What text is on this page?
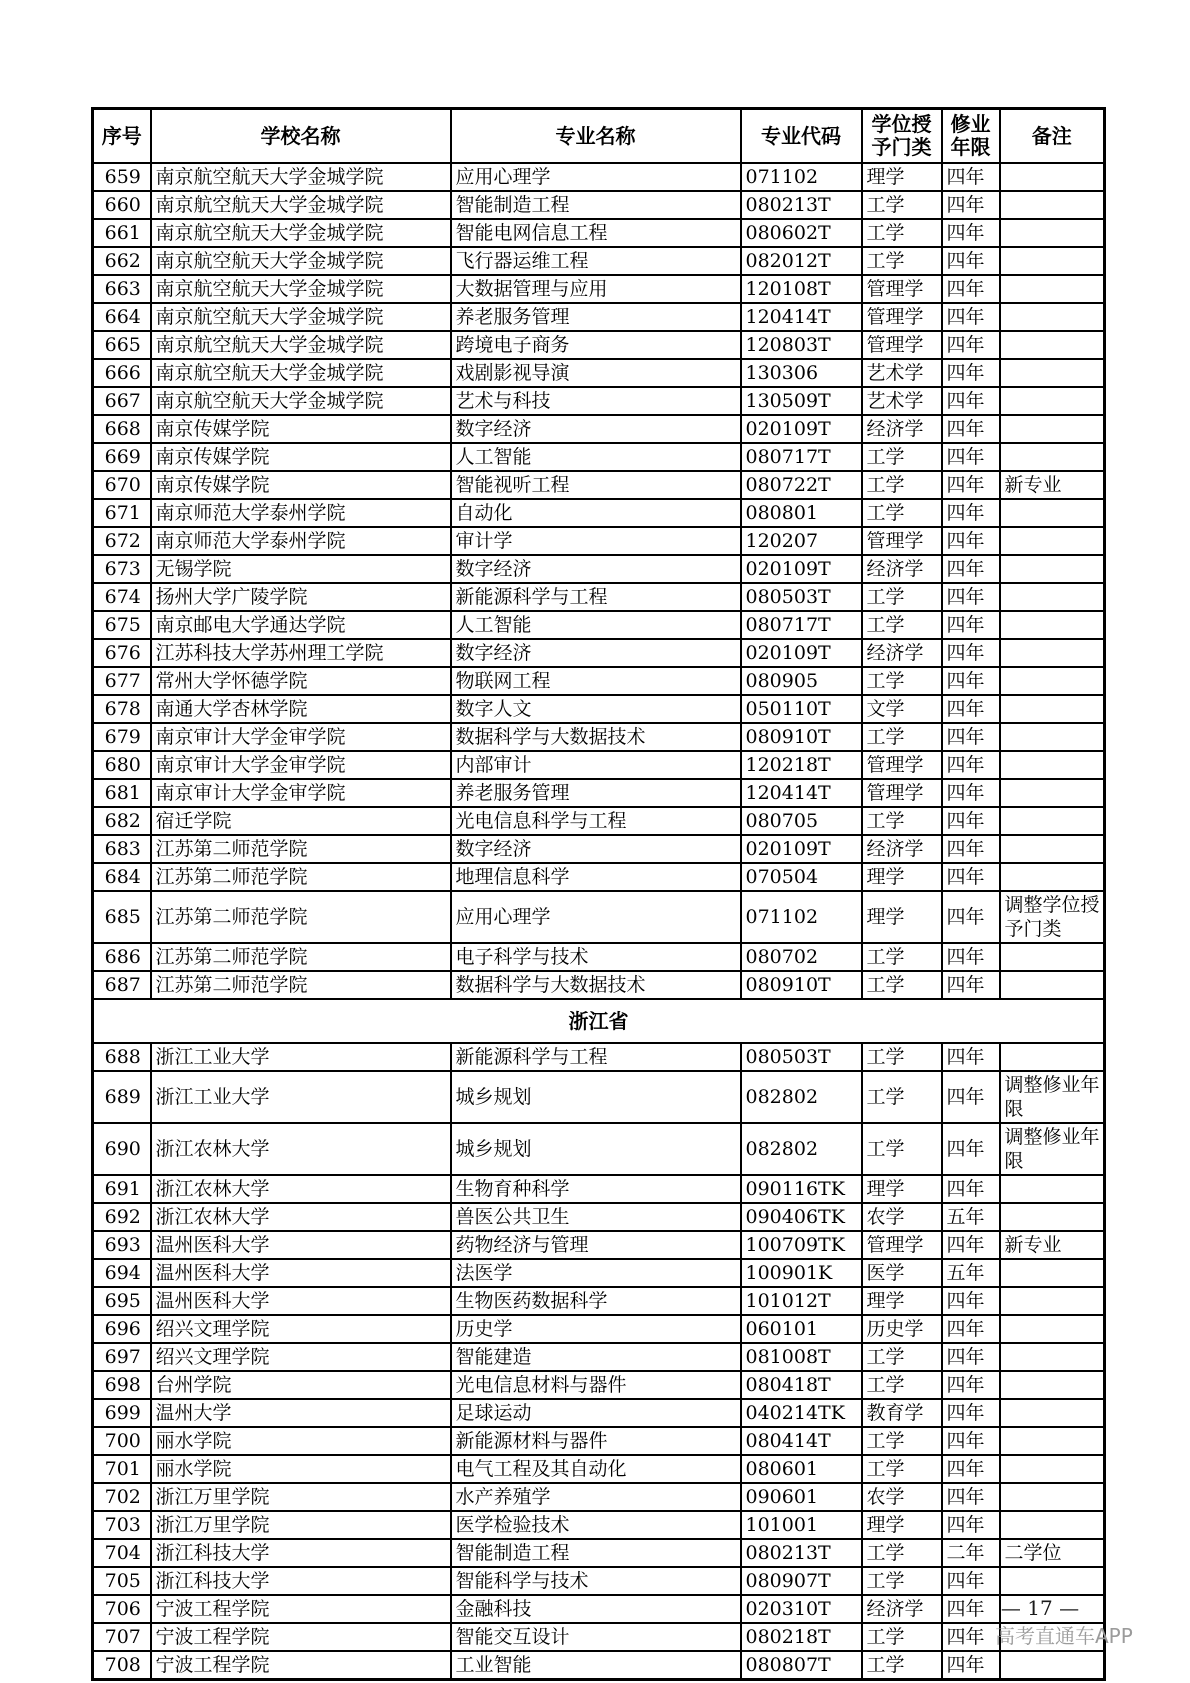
序号	学校名称	专业名称	专业代码	学位授予门类	修业年限	备注
659	南京航空航天大学金城学院	应用心理学	071102	理学	四年	
660	南京航空航天大学金城学院	智能制造工程	080213T	工学	四年	
661	南京航空航天大学金城学院	智能电网信息工程	080602T	工学	四年	
662	南京航空航天大学金城学院	飞行器运维工程	082012T	工学	四年	
663	南京航空航天大学金城学院	大数据管理与应用	120108T	管理学	四年	
664	南京航空航天大学金城学院	养老服务管理	120414T	管理学	四年	
665	南京航空航天大学金城学院	跨境电子商务	120803T	管理学	四年	
666	南京航空航天大学金城学院	戏剧影视导演	130306	艺术学	四年	
667	南京航空航天大学金城学院	艺术与科技	130509T	艺术学	四年	
668	南京传媒学院	数字经济	020109T	经济学	四年	
669	南京传媒学院	人工智能	080717T	工学	四年	
670	南京传媒学院	智能视听工程	080722T	工学	四年	新专业
671	南京师范大学泰州学院	自动化	080801	工学	四年	
672	南京师范大学泰州学院	审计学	120207	管理学	四年	
673	无锡学院	数字经济	020109T	经济学	四年	
674	扬州大学广陵学院	新能源科学与工程	080503T	工学	四年	
675	南京邮电大学通达学院	人工智能	080717T	工学	四年	
676	江苏科技大学苏州理工学院	数字经济	020109T	经济学	四年	
677	常州大学怀德学院	物联网工程	080905	工学	四年	
678	南通大学杏林学院	数字人文	050110T	文学	四年	
679	南京审计大学金审学院	数据科学与大数据技术	080910T	工学	四年	
680	南京审计大学金审学院	内部审计	120218T	管理学	四年	
681	南京审计大学金审学院	养老服务管理	120414T	管理学	四年	
682	宿迁学院	光电信息科学与工程	080705	工学	四年	
683	江苏第二师范学院	数字经济	020109T	经济学	四年	
684	江苏第二师范学院	地理信息科学	070504	理学	四年	
685	江苏第二师范学院	应用心理学	071102	理学	四年	调整学位授予门类
686	江苏第二师范学院	电子科学与技术	080702	工学	四年	
687	江苏第二师范学院	数据科学与大数据技术	080910T	工学	四年	
浙江省						
688	浙江工业大学	新能源科学与工程	080503T	工学	四年	
689	浙江工业大学	城乡规划	082802	工学	四年	调整修业年限
690	浙江农林大学	城乡规划	082802	工学	四年	调整修业年限
691	浙江农林大学	生物育种科学	090116TK	理学	四年	
692	浙江农林大学	兽医公共卫生	090406TK	农学	五年	
693	温州医科大学	药物经济与管理	100709TK	管理学	四年	新专业
694	温州医科大学	法医学	100901K	医学	五年	
695	温州医科大学	生物医药数据科学	101012T	理学	四年	
696	绍兴文理学院	历史学	060101	历史学	四年	
697	绍兴文理学院	智能建造	081008T	工学	四年	
698	台州学院	光电信息材料与器件	080418T	工学	四年	
699	温州大学	足球运动	040214TK	教育学	四年	
700	丽水学院	新能源材料与器件	080414T	工学	四年	
701	丽水学院	电气工程及其自动化	080601	工学	四年	
702	浙江万里学院	水产养殖学	090601	农学	四年	
703	浙江万里学院	医学检验技术	101001	理学	四年	
704	浙江科技大学	智能制造工程	080213T	工学	二年	二学位
705	浙江科技大学	智能科学与技术	080907T	工学	四年	
706	宁波工程学院	金融科技	020310T	经济学	四年	
707	宁波工程学院	智能交互设计	080218T	工学	四年	
708	宁波工程学院	工业智能	080807T	工学	四年	
— 17 —
高考直通车APP
